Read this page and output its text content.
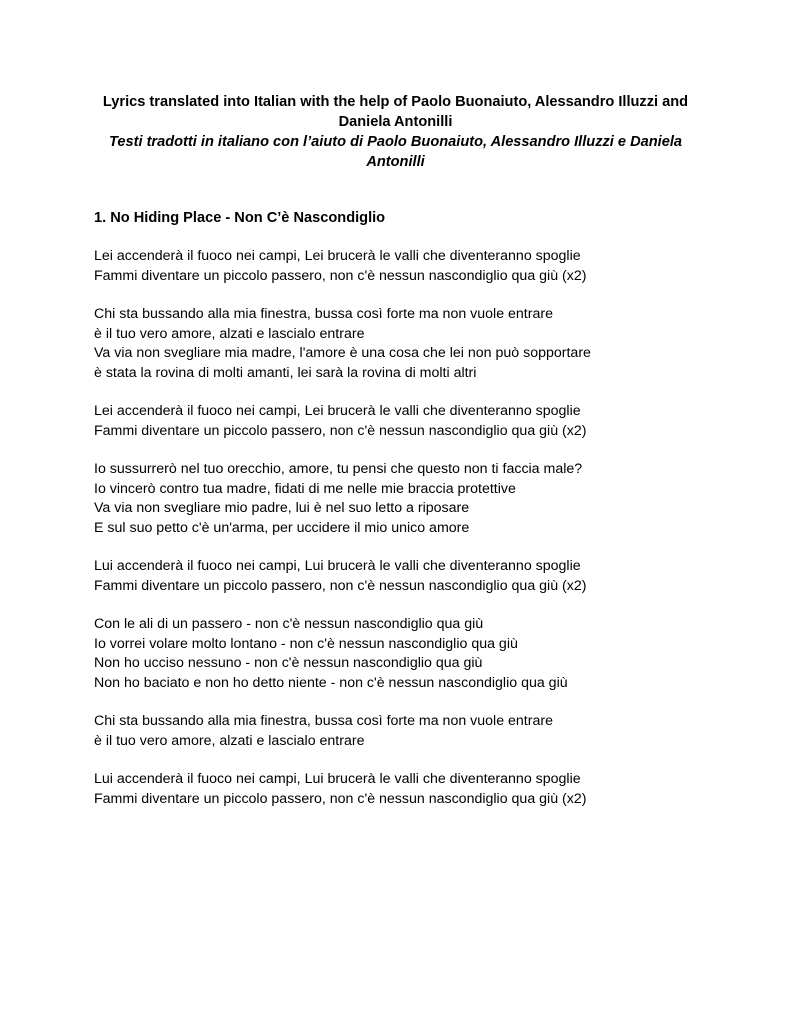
Lyrics translated into Italian with the help of Paolo Buonaiuto, Alessandro Illuzzi and
Daniela Antonilli
Testi tradotti in italiano con l’aiuto di Paolo Buonaiuto, Alessandro Illuzzi e Daniela
Antonilli
1. No Hiding Place - Non C’è Nascondiglio
Lei accenderà il fuoco nei campi, Lei brucerà le valli che diventeranno spoglie
Fammi diventare un piccolo passero, non c'è nessun nascondiglio qua giù (x2)
Chi sta bussando alla mia finestra, bussa così forte ma non vuole entrare
è il tuo vero amore, alzati e lascialo entrare
Va via non svegliare mia madre, l'amore è una cosa che lei non può sopportare
è stata la rovina di molti amanti, lei sarà la rovina di molti altri
Lei accenderà il fuoco nei campi, Lei brucerà le valli che diventeranno spoglie
Fammi diventare un piccolo passero, non c'è nessun nascondiglio qua giù (x2)
Io sussurrerò nel tuo orecchio, amore, tu pensi che questo non ti faccia male?
Io vincerò contro tua madre, fidati di me nelle mie braccia protettive
Va via non svegliare mio padre, lui è nel suo letto a riposare
E sul suo petto c'è un'arma, per uccidere il mio unico amore
Lui accenderà il fuoco nei campi, Lui brucerà le valli che diventeranno spoglie
Fammi diventare un piccolo passero, non c'è nessun nascondiglio qua giù (x2)
Con le ali di un passero - non c'è nessun nascondiglio qua giù
Io vorrei volare molto lontano - non c'è nessun nascondiglio qua giù
Non ho ucciso nessuno - non c'è nessun nascondiglio qua giù
Non ho baciato e non ho detto niente - non c'è nessun nascondiglio qua giù
Chi sta bussando alla mia finestra, bussa così forte ma non vuole entrare
è il tuo vero amore, alzati e lascialo entrare
Lui accenderà il fuoco nei campi, Lui brucerà le valli che diventeranno spoglie
Fammi diventare un piccolo passero, non c'è nessun nascondiglio qua giù (x2)
